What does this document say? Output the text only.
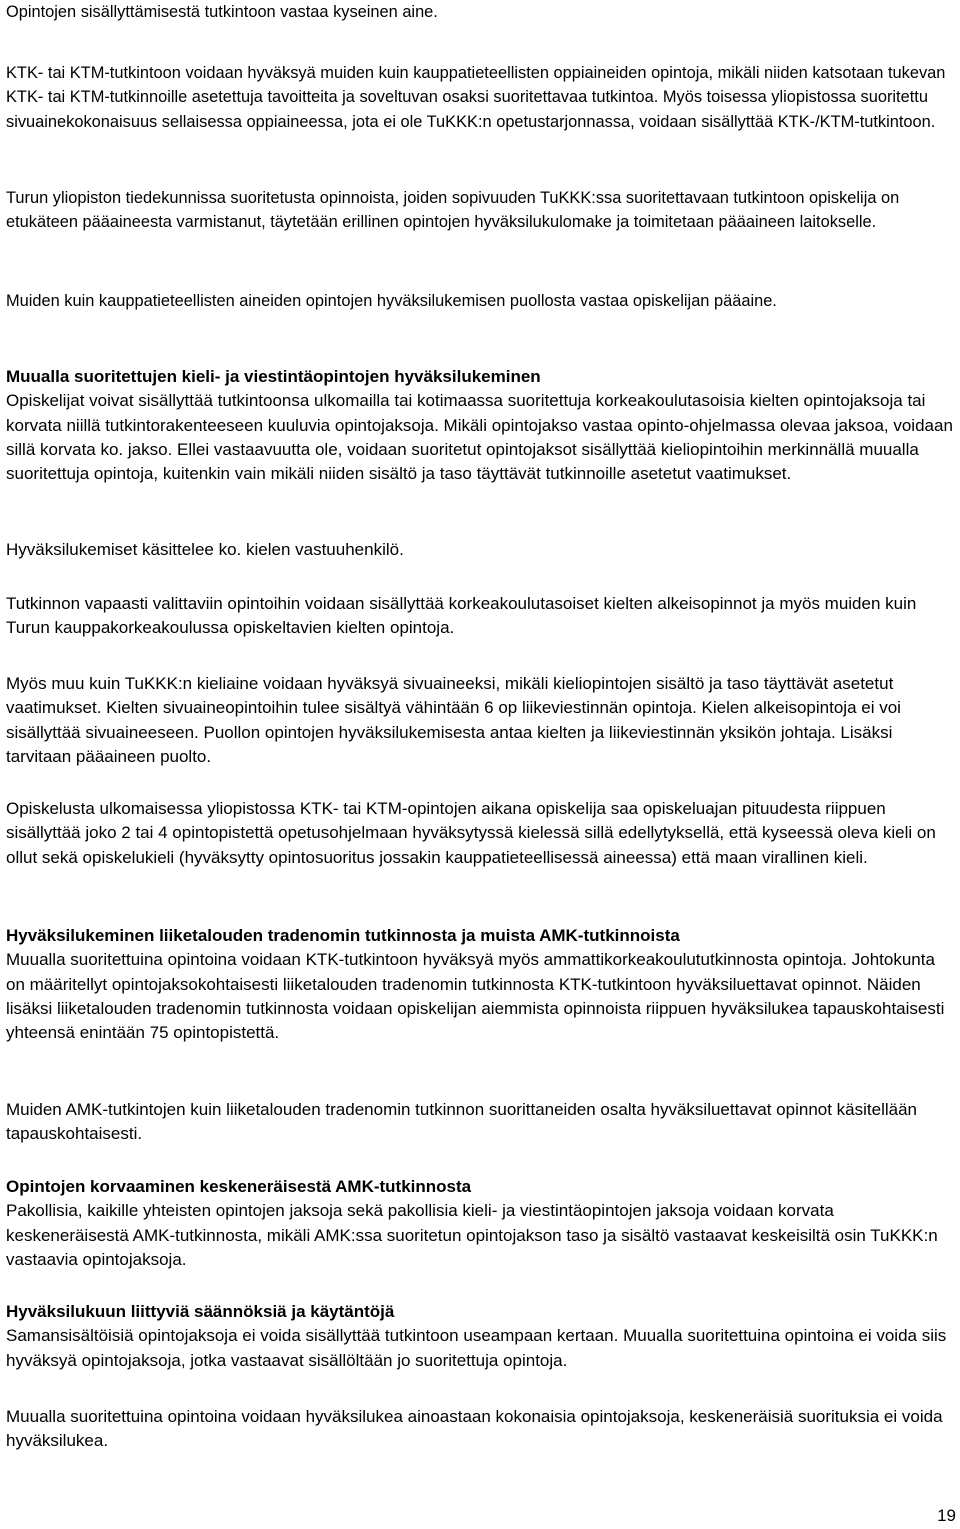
Opintojen sisällyttämisestä tutkintoon vastaa kyseinen aine.

KTK- tai KTM-tutkintoon voidaan hyväksyä muiden kuin kauppatieteellisten oppiaineiden opintoja, mikäli niiden katsotaan tukevan KTK- tai KTM-tutkinnoille asetettuja tavoitteita ja soveltuvan osaksi suoritettavaa tutkintoa. Myös toisessa yliopistossa suoritettu sivuainekokonaisuus sellaisessa oppiaineessa, jota ei ole TuKKK:n opetustarjonnassa, voidaan sisällyttää KTK-/KTM-tutkintoon.

Turun yliopiston tiedekunnissa suoritetusta opinnoista, joiden sopivuuden TuKKK:ssa suoritettavaan tutkintoon opiskelija on etukäteen pääaineesta varmistanut, täytetään erillinen opintojen hyväksilukulomake ja toimitetaan pääaineen laitokselle.

Muiden kuin kauppatieteellisten aineiden opintojen hyväksilukemisen puollosta vastaa opiskelijan pääaine.

Muualla suoritettujen kieli- ja viestintäopintojen hyväksilukeminen

Opiskelijat voivat sisällyttää tutkintoonsa ulkomailla tai kotimaassa suoritettuja korkeakoulutasoisia kielten opintojaksoja tai korvata niillä tutkintorakenteeseen kuuluvia opintojaksoja. Mikäli opintojakso vastaa opinto-ohjelmassa olevaa jaksoa, voidaan sillä korvata ko. jakso. Ellei vastaavuutta ole, voidaan suoritetut opintojaksot sisällyttää kieliopintoihin merkinnällä muualla suoritettuja opintoja, kuitenkin vain mikäli niiden sisältö ja taso täyttävät tutkinnoille asetetut vaatimukset.

Hyväksilukemiset käsittelee ko. kielen vastuuhenkilö.

Tutkinnon vapaasti valittaviin opintoihin voidaan sisällyttää korkeakoulutasoiset kielten alkeisopinnot ja myös muiden kuin Turun kauppakorkeakoulussa opiskeltavien kielten opintoja.

Myös muu kuin TuKKK:n kieliaine voidaan hyväksyä sivuaineeksi, mikäli kieliopintojen sisältö ja taso täyttävät asetetut vaatimukset. Kielten sivuaineopintoihin tulee sisältyä vähintään 6 op liikeviestinnän opintoja. Kielen alkeisopintoja ei voi sisällyttää sivuaineeseen. Puollon opintojen hyväksilukemisesta antaa kielten ja liikeviestinnän yksikön johtaja. Lisäksi tarvitaan pääaineen puolto.

Opiskelusta ulkomaisessa yliopistossa KTK- tai KTM-opintojen aikana opiskelija saa opiskeluajan pituudesta riippuen sisällyttää joko 2 tai 4 opintopistettä opetusohjelmaan hyväksytyssä kielessä sillä edellytyksellä, että kyseessä oleva kieli on ollut sekä opiskelukieli (hyväksytty opintosuoritus jossakin kauppatieteellisessä aineessa) että maan virallinen kieli.

Hyväksilukeminen liiketalouden tradenomin tutkinnosta ja muista AMK-tutkinnoista

Muualla suoritettuina opintoina voidaan KTK-tutkintoon hyväksyä myös ammattikorkeakoulututkinnosta opintoja. Johtokunta on määritellyt opintojaksokohtaisesti liiketalouden tradenomin tutkinnosta KTK-tutkintoon hyväksiluettavat opinnot. Näiden lisäksi liiketalouden tradenomin tutkinnosta voidaan opiskelijan aiemmista opinnoista riippuen hyväksilukea tapauskohtaisesti yhteensä enintään 75 opintopistettä.

Muiden AMK-tutkintojen kuin liiketalouden tradenomin tutkinnon suorittaneiden osalta hyväksiluettavat opinnot käsitellään tapauskohtaisesti.

Opintojen korvaaminen keskeneräisestä AMK-tutkinnosta

Pakollisia, kaikille yhteisten opintojen jaksoja sekä pakollisia kieli- ja viestintäopintojen jaksoja voidaan korvata keskeneräisestä AMK-tutkinnosta, mikäli AMK:ssa suoritetun opintojakson taso ja sisältö vastaavat keskeisiltä osin TuKKK:n vastaavia opintojaksoja.

Hyväksilukuun liittyviä säännöksiä ja käytäntöjä

Samansisältöisiä opintojaksoja ei voida sisällyttää tutkintoon useampaan kertaan. Muualla suoritettuina opintoina ei voida siis hyväksyä opintojaksoja, jotka vastaavat sisällöltään jo suoritettuja opintoja.

Muualla suoritettuina opintoina voidaan hyväksilukea ainoastaan kokonaisia opintojaksoja, keskeneräisiä suorituksia ei voida hyväksilukea.

19
